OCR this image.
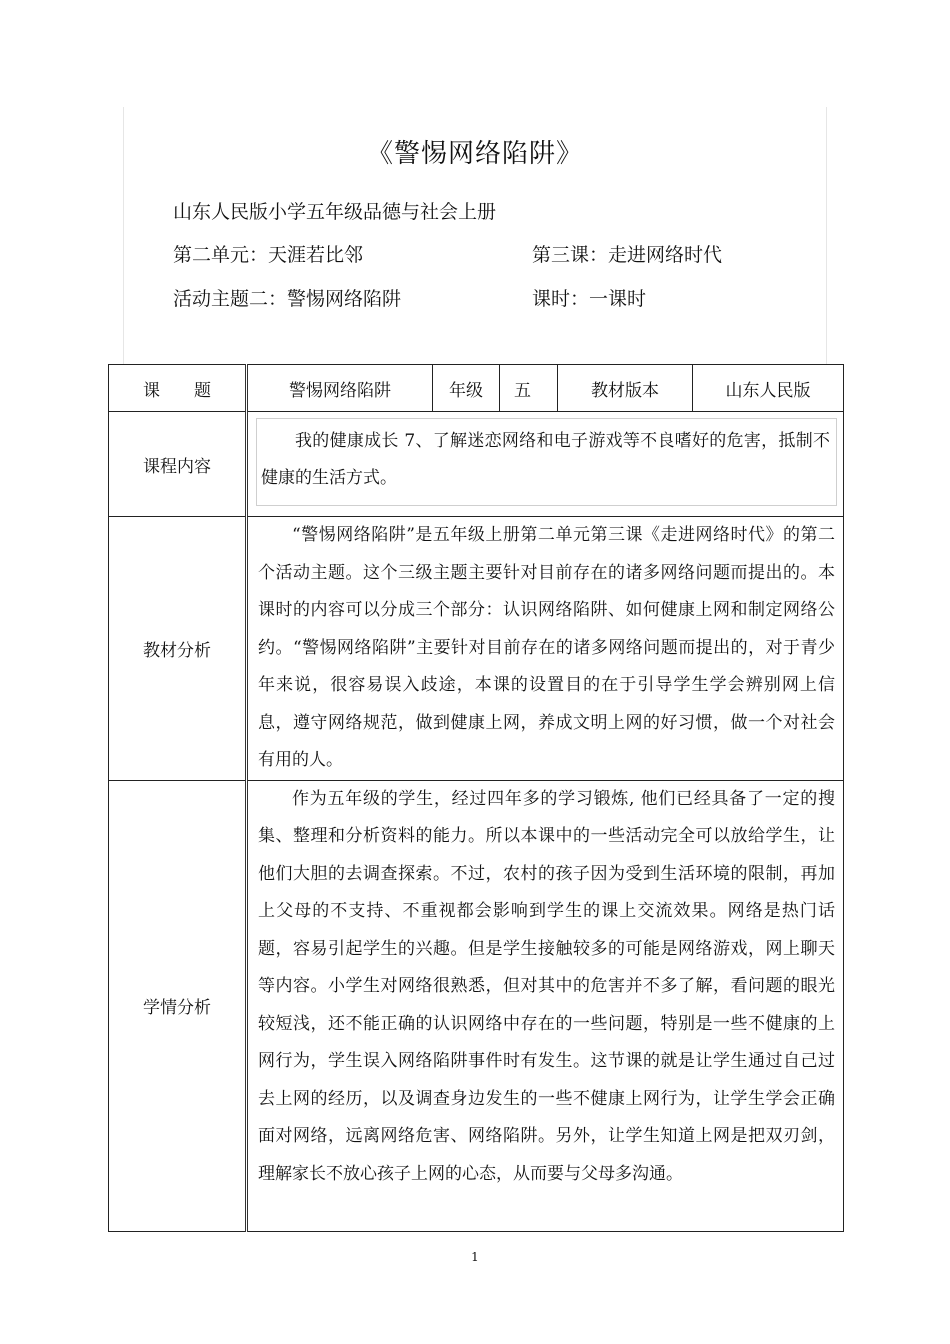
《警惕网络陷阱》
山东人民版小学五年级品德与社会上册
第二单元：天涯若比邻	第三课：走进网络时代
活动主题二：警惕网络陷阱	课时：一课时
课　　题	警惕网络陷阱	年级	五	教材版本	山东人民版
课程内容	我的健康成长 7、了解迷恋网络和电子游戏等不良嗜好的危害，抵制不健康的生活方式。				

教材分析	“警惕网络陷阱”是五年级上册第二单元第三课《走进网络时代》的第二个活动主题。这个三级主题主要针对目前存在的诸多网络问题而提出的。本课时的内容可以分成三个部分：认识网络陷阱、如何健康上网和制定网络公约。“警惕网络陷阱”主要针对目前存在的诸多网络问题而提出的，对于青少年来说，很容易误入歧途，本课的设置目的在于引导学生学会辨别网上信息，遵守网络规范，做到健康上网，养成文明上网的好习惯，做一个对社会有用的人。				
学情分析	作为五年级的学生，经过四年多的学习锻炼, 他们已经具备了一定的搜集、整理和分析资料的能力。所以本课中的一些活动完全可以放给学生，让他们大胆的去调查探索。不过，农村的孩子因为受到生活环境的限制，再加上父母的不支持、不重视都会影响到学生的课上交流效果。网络是热门话题，容易引起学生的兴趣。但是学生接触较多的可能是网络游戏，网上聊天等内容。小学生对网络很熟悉，但对其中的危害并不多了解，看问题的眼光较短浅，还不能正确的认识网络中存在的一些问题，特别是一些不健康的上网行为，学生误入网络陷阱事件时有发生。这节课的就是让学生通过自己过去上网的经历，以及调查身边发生的一些不健康上网行为，让学生学会正确面对网络，远离网络危害、网络陷阱。另外，让学生知道上网是把双刃剑，理解家长不放心孩子上网的心态，从而要与父母多沟通。				
1
